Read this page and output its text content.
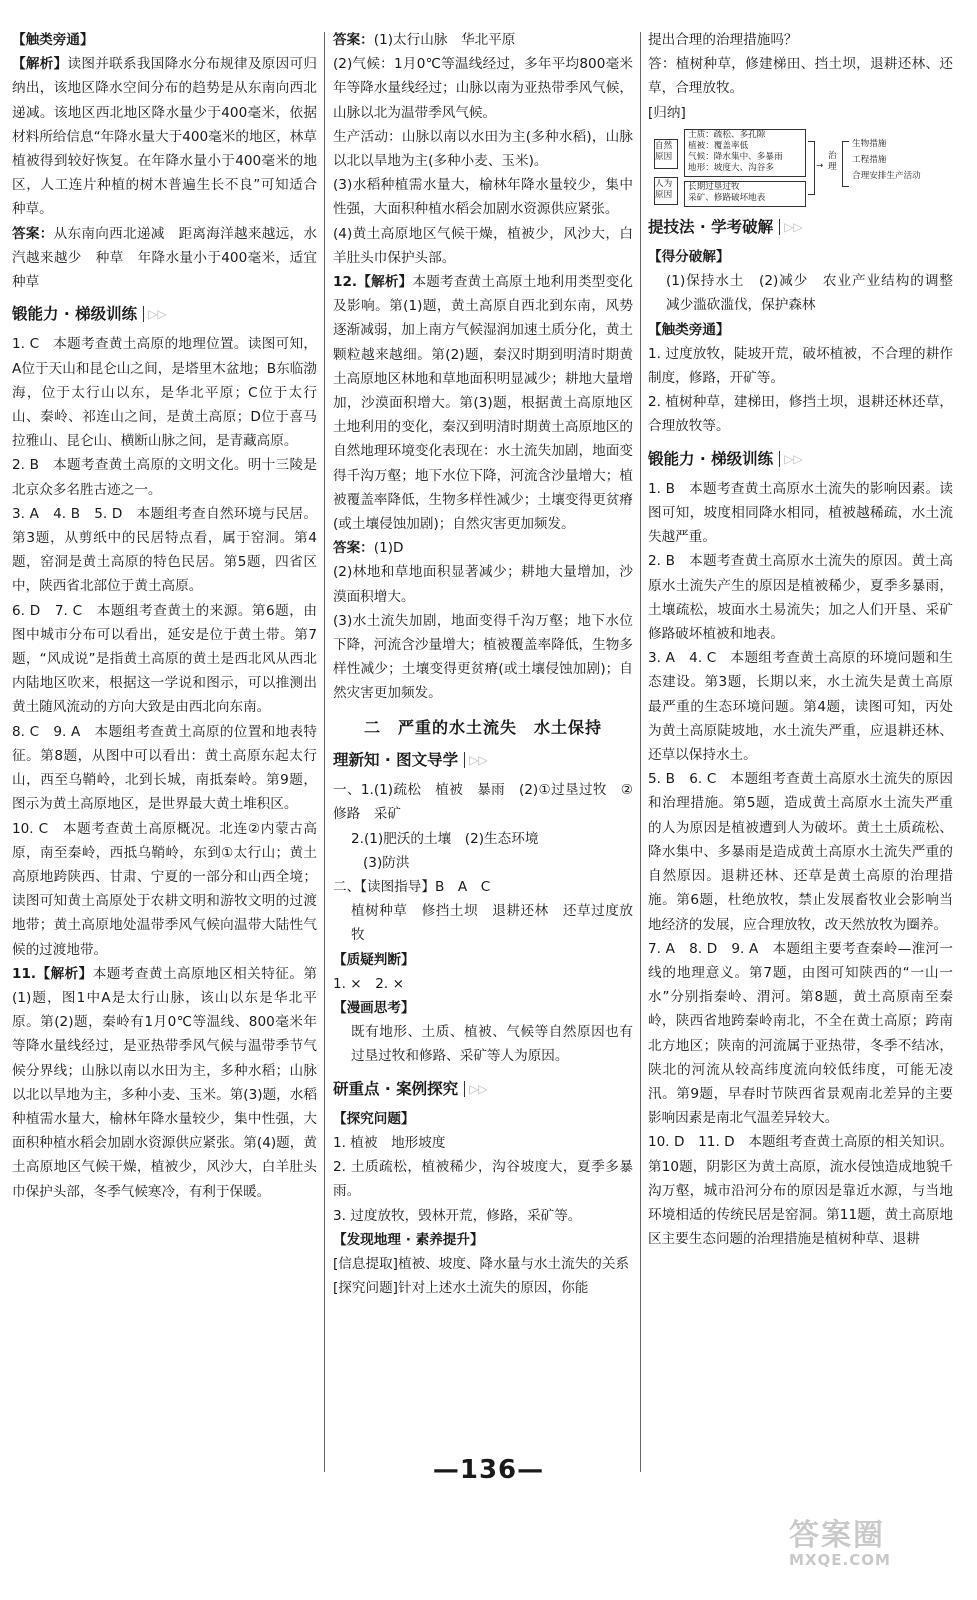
【触类旁通】

【解析】读图并联系我国降水分布规律及原因可归纳出，该地区降水空间分布的趋势是从东南向西北递减。该地区西北地区降水量少于400毫米，依据材料所给信息“年降水量大于400毫米的地区，林草植被得到较好恢复。在年降水量小于400毫米的地区，人工连片种植的树木普遍生长不良”可知适合种草。

答案：从东南向西北递减　距离海洋越来越远，水汽越来越少　种草　年降水量小于400毫米，适宜种草

锻能力 · 梯级训练 ▷▷

1. C　本题考查黄土高原的地理位置。读图可知，A位于天山和昆仑山之间，是塔里木盆地；B东临渤海，位于太行山以东，是华北平原；C位于太行山、秦岭、祁连山之间，是黄土高原；D位于喜马拉雅山、昆仑山、横断山脉之间，是青藏高原。

2. B　本题考查黄土高原的文明文化。明十三陵是北京众多名胜古迹之一。

3. A　4. B　5. D　本题组考查自然环境与民居。第3题，从剪纸中的民居特点看，属于窑洞。第4题，窑洞是黄土高原的特色民居。第5题，四省区中，陕西省北部位于黄土高原。

6. D　7. C　本题组考查黄土的来源。第6题，由图中城市分布可以看出，延安是位于黄土带。第7题，“风成说”是指黄土高原的黄土是西北风从西北内陆地区吹来，根据这一学说和图示，可以推测出黄土随风流动的方向大致是由西北向东南。

8. C　9. A　本题组考查黄土高原的位置和地表特征。第8题，从图中可以看出：黄土高原东起太行山，西至乌鞘岭，北到长城，南抵秦岭。第9题，图示为黄土高原地区，是世界最大黄土堆积区。

10. C　本题考查黄土高原概况。北连②内蒙古高原，南至秦岭，西抵乌鞘岭，东到①太行山；黄土高原地跨陕西、甘肃、宁夏的一部分和山西全境；读图可知黄土高原处于农耕文明和游牧文明的过渡地带；黄土高原地处温带季风气候向温带大陆性气候的过渡地带。

11.【解析】本题考查黄土高原地区相关特征。第(1)题，图1中A是太行山脉，该山以东是华北平原。第(2)题，秦岭有1月0℃等温线、800毫米年等降水量线经过，是亚热带季风气候与温带季节气候分界线；山脉以南以水田为主，多种水稻；山脉以北以旱地为主，多种小麦、玉米。第(3)题，水稻种植需水量大，榆林年降水量较少，集中性强，大面积种植水稻会加剧水资源供应紧张。第(4)题，黄土高原地区气候干燥，植被少，风沙大，白羊肚头巾保护头部，冬季气候寒冷，有利于保暖。

答案：(1)太行山脉　华北平原

(2)气候：1月0℃等温线经过，多年平均800毫米年等降水量线经过；山脉以南为亚热带季风气候，山脉以北为温带季风气候。

生产活动：山脉以南以水田为主(多种水稻)，山脉以北以旱地为主(多种小麦、玉米)。

(3)水稻种植需水量大，榆林年降水量较少，集中性强，大面积种植水稻会加剧水资源供应紧张。

(4)黄土高原地区气候干燥，植被少，风沙大，白羊肚头巾保护头部。

12.【解析】本题考查黄土高原土地利用类型变化及影响。第(1)题，黄土高原自西北到东南，风势逐渐减弱，加上南方气候湿润加速土质分化，黄土颗粒越来越细。第(2)题，秦汉时期到明清时期黄土高原地区林地和草地面积明显减少；耕地大量增加，沙漠面积增大。第(3)题，根据黄土高原地区土地利用的变化，秦汉到明清时期黄土高原地区的自然地理环境变化表现在：水土流失加剧，地面变得千沟万壑；地下水位下降，河流含沙量增大；植被覆盖率降低，生物多样性减少；土壤变得更贫瘠(或土壤侵蚀加剧)；自然灾害更加频发。

答案：(1)D

(2)林地和草地面积显著减少；耕地大量增加，沙漠面积增大。

(3)水土流失加剧，地面变得千沟万壑；地下水位下降，河流含沙量增大；植被覆盖率降低，生物多样性减少；土壤变得更贫瘠(或土壤侵蚀加剧)；自然灾害更加频发。

二　严重的水土流失　水土保持
理新知 · 图文导学 ▷▷

一、1.(1)疏松　植被　暴雨　(2)①过垦过牧　②修路　采矿

2.(1)肥沃的土壤　(2)生态环境

(3)防洪

二、【读图指导】B　A　C

植树种草　修挡土坝　退耕还林　还草过度放牧

【质疑判断】

1. ×　2. ×

【漫画思考】

既有地形、土质、植被、气候等自然原因也有过垦过牧和修路、采矿等人为原因。

研重点 · 案例探究 ▷▷

【探究问题】

1. 植被　地形坡度

2. 土质疏松，植被稀少，沟谷坡度大，夏季多暴雨。

3. 过度放牧，毁林开荒，修路，采矿等。

【发现地理 · 素养提升】

[信息提取]植被、坡度、降水量与水土流失的关系

[探究问题]针对上述水土流失的原因，你能

提出合理的治理措施吗？

答：植树种草，修建梯田、挡土坝，退耕还林、还草，合理放牧。

[归纳]

自然原因
人为原因
土质：疏松、多孔隙
植被：覆盖率低
气候：降水集中、多暴雨
地形：坡度大、沟谷多
长期过垦过牧
采矿、修路破坏地表
→
治理
生物措施
工程措施
合理安排生产活动
提技法 · 学考破解 ▷▷

【得分破解】

(1)保持水土　(2)减少　农业产业结构的调整　减少滥砍滥伐，保护森林

【触类旁通】

1. 过度放牧，陡坡开荒，破坏植被，不合理的耕作制度，修路，开矿等。

2. 植树种草，建梯田，修挡土坝，退耕还林还草，合理放牧等。

锻能力 · 梯级训练 ▷▷

1. B　本题考查黄土高原水土流失的影响因素。读图可知，坡度相同降水相同，植被越稀疏，水土流失越严重。

2. B　本题考查黄土高原水土流失的原因。黄土高原水土流失产生的原因是植被稀少，夏季多暴雨，土壤疏松，坡面水土易流失；加之人们开垦、采矿修路破坏植被和地表。

3. A　4. C　本题组考查黄土高原的环境问题和生态建设。第3题，长期以来，水土流失是黄土高原最严重的生态环境问题。第4题，读图可知，丙处为黄土高原陡坡地，水土流失严重，应退耕还林、还草以保持水土。

5. B　6. C　本题组考查黄土高原水土流失的原因和治理措施。第5题，造成黄土高原水土流失严重的人为原因是植被遭到人为破坏。黄土土质疏松、降水集中、多暴雨是造成黄土高原水土流失严重的自然原因。退耕还林、还草是黄土高原的治理措施。第6题，杜绝放牧，禁止发展畜牧业会影响当地经济的发展，应合理放牧，改天然放牧为圈养。

7. A　8. D　9. A　本题组主要考查秦岭—淮河一线的地理意义。第7题，由图可知陕西的“一山一水”分别指秦岭、渭河。第8题，黄土高原南至秦岭，陕西省地跨秦岭南北，不全在黄土高原；跨南北方地区；陕南的河流属于亚热带，冬季不结冰，陕北的河流从较高纬度流向较低纬度，可能无凌汛。第9题，早春时节陕西省景观南北差异的主要影响因素是南北气温差异较大。

10. D　11. D　本题组考查黄土高原的相关知识。第10题，阴影区为黄土高原，流水侵蚀造成地貌千沟万壑，城市沿河分布的原因是靠近水源，与当地环境相适的传统民居是窑洞。第11题，黄土高原地区主要生态问题的治理措施是植树种草、退耕

—136—
答案圈
MXQE.COM
